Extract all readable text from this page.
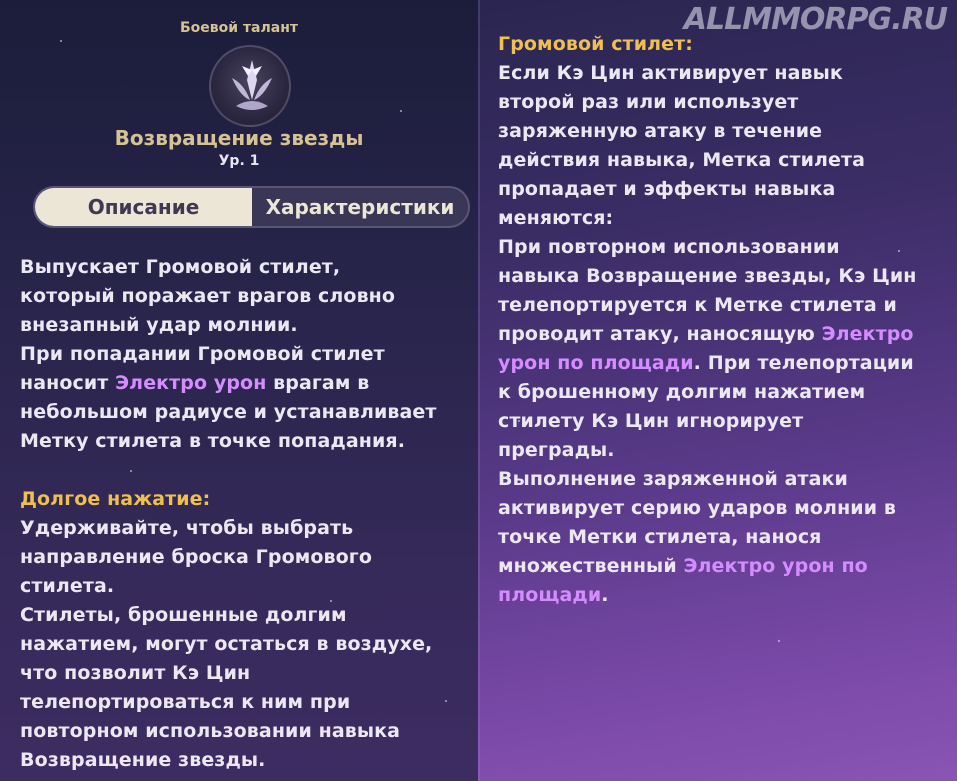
Боевой талант
Возвращение звезды
Ур. 1
Описание	Характеристики
Выпускает Громовой стилет,
который поражает врагов словно
внезапный удар молнии.
При попадании Громовой стилет
наносит Электро урон врагам в
небольшом радиусе и устанавливает
Метку стилета в точке попадания.
Долгое нажатие:
Удерживайте, чтобы выбрать
направление броска Громового
стилета.
Стилеты, брошенные долгим
нажатием, могут остаться в воздухе,
что позволит Кэ Цин
телепортироваться к ним при
повторном использовании навыка
Возвращение звезды.
Громовой стилет:
Если Кэ Цин активирует навык
второй раз или использует
заряженную атаку в течение
действия навыка, Метка стилета
пропадает и эффекты навыка
меняются:
При повторном использовании
навыка Возвращение звезды, Кэ Цин
телепортируется к Метке стилета и
проводит атаку, наносящую Электро
урон по площади. При телепортации
к брошенному долгим нажатием
стилету Кэ Цин игнорирует
преграды.
Выполнение заряженной атаки
активирует серию ударов молнии в
точке Метки стилета, нанося
множественный Электро урон по
площади.
ALLMMORPG.RU
